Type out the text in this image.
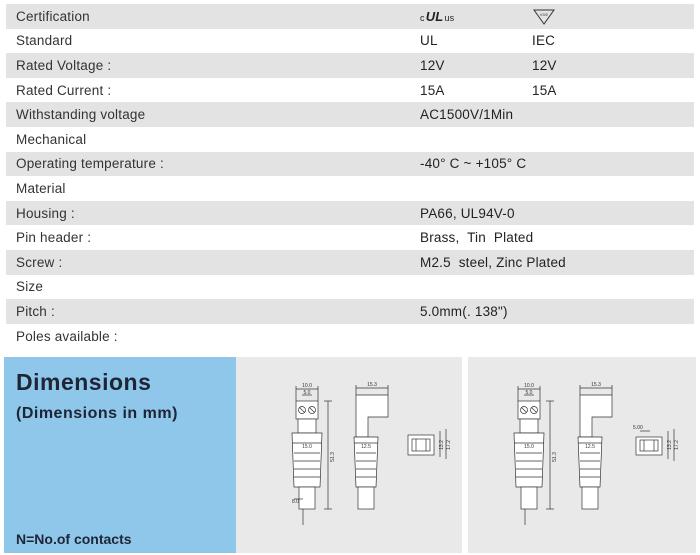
Certification	c UL us	VDE
Standard	UL	IEC
Rated Voltage :	12V	12V
Rated Current :	15A	15A
Withstanding voltage	AC1500V/1Min
Mechanical
Operating temperature :	-40° C ~ +105° C
Material
Housing :	PA66, UL94V-0
Pin header :	Brass,  Tin  Plated
Screw :	M2.5  steel, Zinc Plated
Size
Pitch :	5.0mm(. 138")
Poles available :
Dimensions
(Dimensions in mm)
N=No.of contacts
10.0
5.0
15.0
51.3
8.0
15.3
12.5	13.2 17.2
10.0
5.0
15.0
51.3
15.3
12.5
5.00
13.2 17.2
